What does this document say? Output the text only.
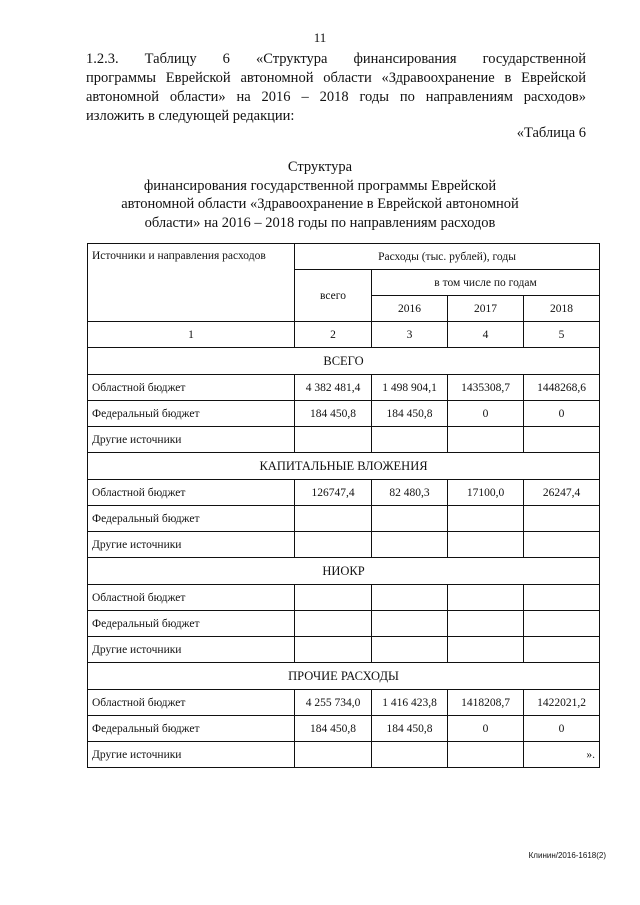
11
1.2.3. Таблицу 6 «Структура финансирования государственной
программы Еврейской автономной области «Здравоохранение в Еврейской
автономной области» на 2016 – 2018 годы по направлениям расходов»
изложить в следующей редакции:
«Таблица 6
Структура
финансирования государственной программы Еврейской
автономной области «Здравоохранение в Еврейской автономной
области» на 2016 – 2018 годы по направлениям расходов
Источники и направления расходов	Расходы (тыс. рублей), годы			
	всего	в том числе по годам		
		2016	2017	2018
1	2	3	4	5
ВСЕГО				
Областной бюджет	4 382 481,4	1 498 904,1	1435308,7	1448268,6
Федеральный бюджет	184 450,8	184 450,8	0	0
Другие источники				
КАПИТАЛЬНЫЕ ВЛОЖЕНИЯ				
Областной бюджет	126747,4	82 480,3	17100,0	26247,4
Федеральный бюджет				
Другие источники				
НИОКР				
Областной бюджет				
Федеральный бюджет				
Другие источники				
ПРОЧИЕ РАСХОДЫ				
Областной бюджет	4 255 734,0	1 416 423,8	1418208,7	1422021,2
Федеральный бюджет	184 450,8	184 450,8	0	0
Другие источники				».
Клинин/2016-1618(2)
